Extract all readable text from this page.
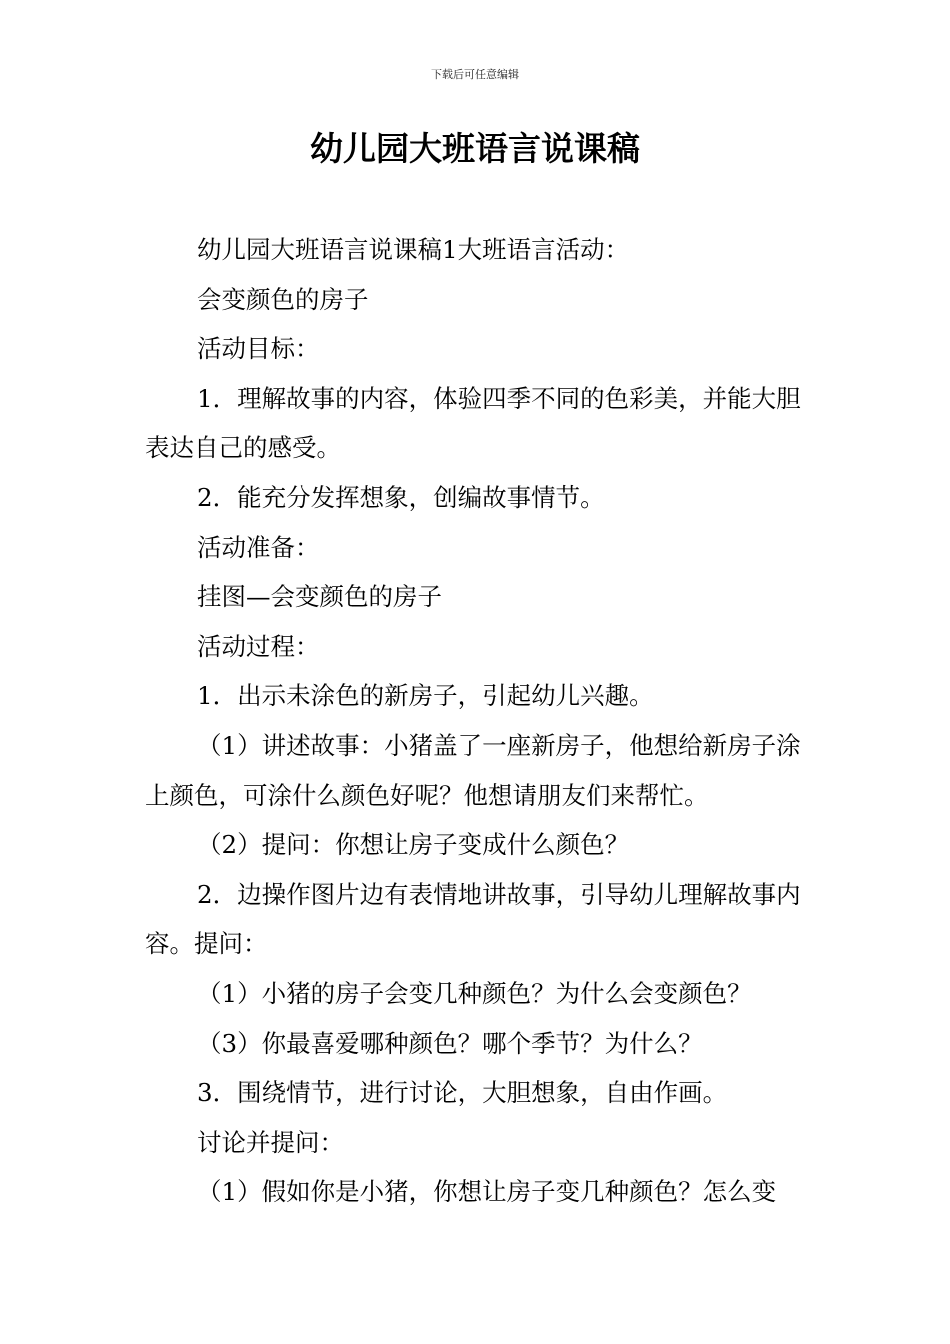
下载后可任意编辑
幼儿园大班语言说课稿

幼儿园大班语言说课稿1大班语言活动：

会变颜色的房子

活动目标：

1．理解故事的内容，体验四季不同的色彩美，并能大胆表达自己的感受。

2．能充分发挥想象，创编故事情节。

活动准备：

挂图—会变颜色的房子

活动过程：

1．出示未涂色的新房子，引起幼儿兴趣。

（1）讲述故事：小猪盖了一座新房子，他想给新房子涂上颜色，可涂什么颜色好呢？他想请朋友们来帮忙。

（2）提问：你想让房子变成什么颜色？

2．边操作图片边有表情地讲故事，引导幼儿理解故事内容。提问：

（1）小猪的房子会变几种颜色？为什么会变颜色？

（3）你最喜爱哪种颜色？哪个季节？为什么？

3．围绕情节，进行讨论，大胆想象，自由作画。

讨论并提问：

（1）假如你是小猪，你想让房子变几种颜色？怎么变
